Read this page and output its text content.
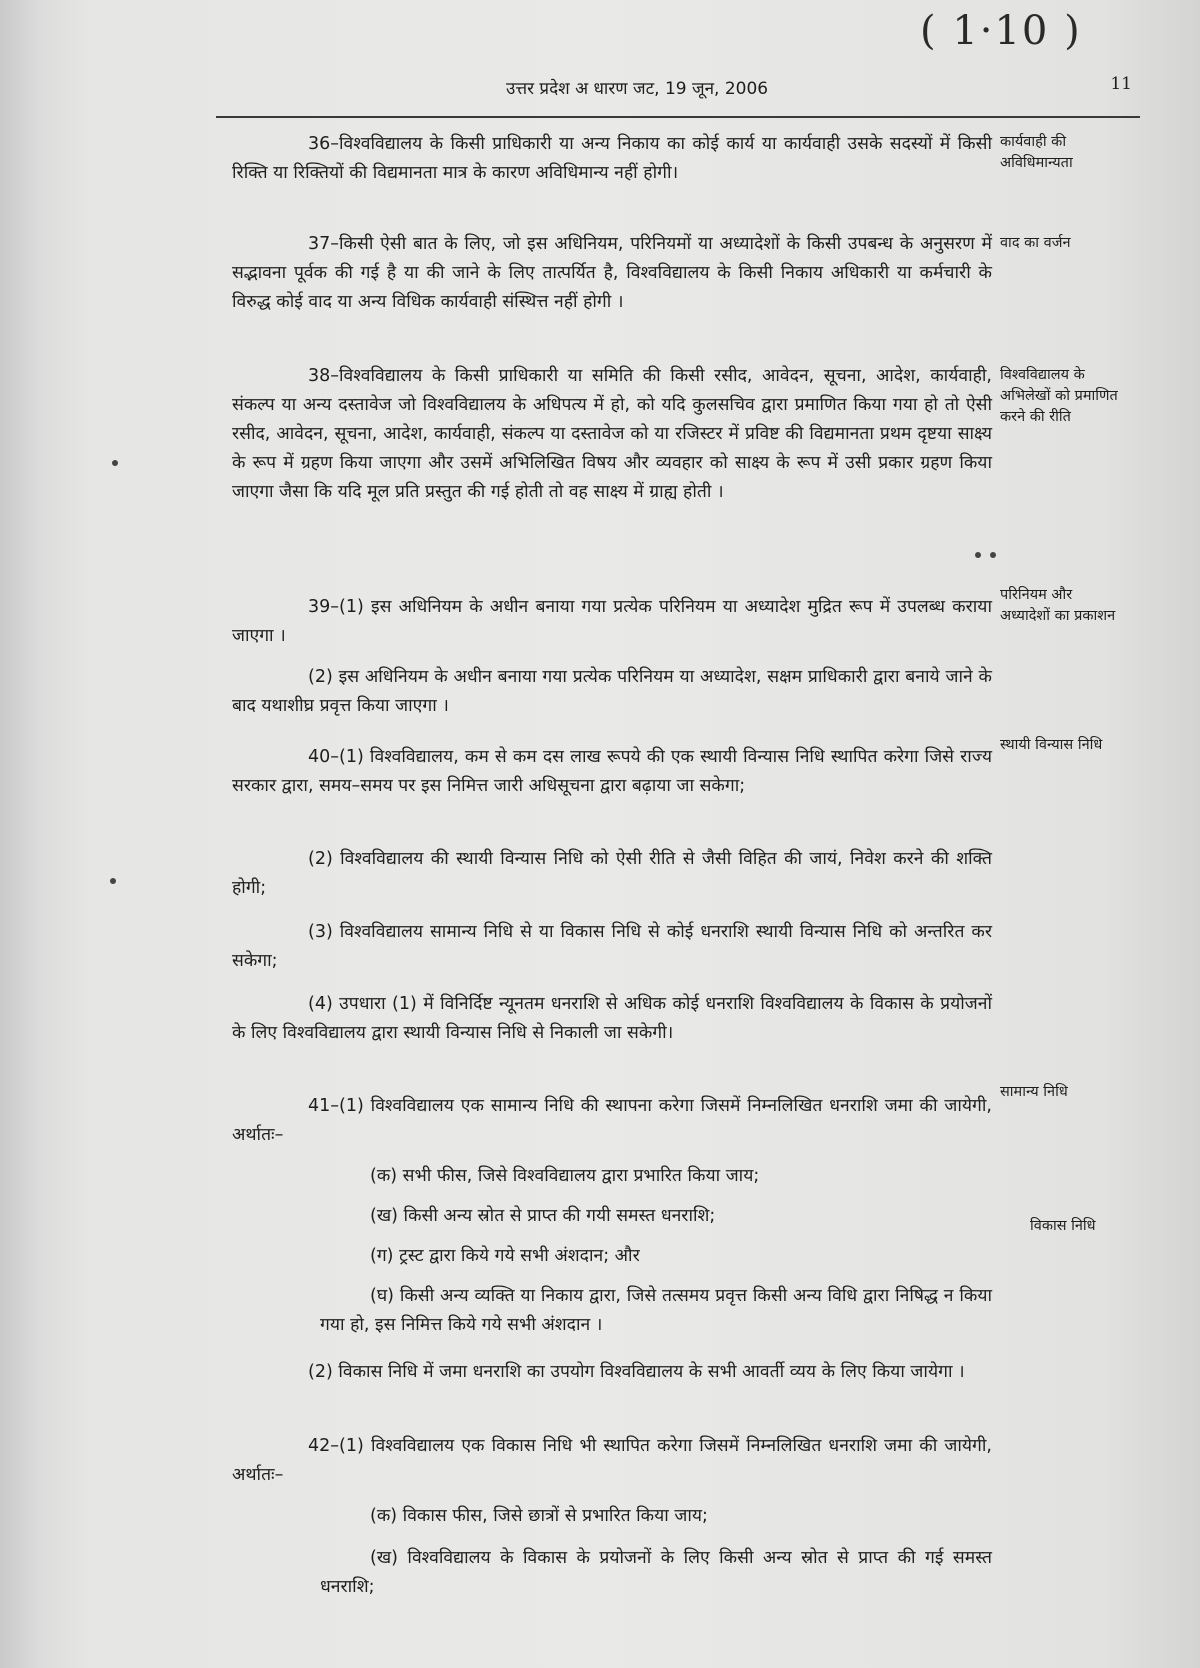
( 1·10 )
उत्तर प्रदेश अ धारण जट, 19 जून, 2006	11

36–विश्वविद्यालय के किसी प्राधिकारी या अन्य निकाय का कोई कार्य या कार्यवाही उसके सदस्यों में किसी रिक्ति या रिक्तियों की विद्यमानता मात्र के कारण अविधिमान्य नहीं होगी।

37–किसी ऐसी बात के लिए, जो इस अधिनियम, परिनियमों या अध्यादेशों के किसी उपबन्ध के अनुसरण में सद्भावना पूर्वक की गई है या की जाने के लिए तात्पर्यित है, विश्वविद्यालय के किसी निकाय अधिकारी या कर्मचारी के विरुद्ध कोई वाद या अन्य विधिक कार्यवाही संस्थित्त नहीं होगी ।

38–विश्वविद्यालय के किसी प्राधिकारी या समिति की किसी रसीद, आवेदन, सूचना, आदेश, कार्यवाही, संकल्प या अन्य दस्तावेज जो विश्वविद्यालय के अधिपत्य में हो, को यदि कुलसचिव द्वारा प्रमाणित किया गया हो तो ऐसी रसीद, आवेदन, सूचना, आदेश, कार्यवाही, संकल्प या दस्तावेज को या रजिस्टर में प्रविष्ट की विद्यमानता प्रथम दृष्टया साक्ष्य के रूप में ग्रहण किया जाएगा और उसमें अभिलिखित विषय और व्यवहार को साक्ष्य के रूप में उसी प्रकार ग्रहण किया जाएगा जैसा कि यदि मूल प्रति प्रस्तुत की गई होती तो वह साक्ष्य में ग्राह्य होती ।

39–(1) इस अधिनियम के अधीन बनाया गया प्रत्येक परिनियम या अध्यादेश मुद्रित रूप में उपलब्ध कराया जाएगा ।

(2) इस अधिनियम के अधीन बनाया गया प्रत्येक परिनियम या अध्यादेश, सक्षम प्राधिकारी द्वारा बनाये जाने के बाद यथाशीघ्र प्रवृत्त किया जाएगा ।

40–(1) विश्वविद्यालय, कम से कम दस लाख रूपये की एक स्थायी विन्यास निधि स्थापित करेगा जिसे राज्य सरकार द्वारा, समय–समय पर इस निमित्त जारी अधिसूचना द्वारा बढ़ाया जा सकेगा;

(2) विश्वविद्यालय की स्थायी विन्यास निधि को ऐसी रीति से जैसी विहित की जायं, निवेश करने की शक्ति होगी;

(3) विश्वविद्यालय सामान्य निधि से या विकास निधि से कोई धनराशि स्थायी विन्यास निधि को अन्तरित कर सकेगा;

(4) उपधारा (1) में विनिर्दिष्ट न्यूनतम धनराशि से अधिक कोई धनराशि विश्वविद्यालय के विकास के प्रयोजनों के लिए विश्वविद्यालय द्वारा स्थायी विन्यास निधि से निकाली जा सकेगी।

41–(1) विश्वविद्यालय एक सामान्य निधि की स्थापना करेगा जिसमें निम्नलिखित धनराशि जमा की जायेगी, अर्थातः–

(क) सभी फीस, जिसे विश्वविद्यालय द्वारा प्रभारित किया जाय;

(ख) किसी अन्य स्रोत से प्राप्त की गयी समस्त धनराशि;

(ग) ट्रस्ट द्वारा किये गये सभी अंशदान; और

(घ) किसी अन्य व्यक्ति या निकाय द्वारा, जिसे तत्समय प्रवृत्त किसी अन्य विधि द्वारा निषिद्ध न किया गया हो, इस निमित्त किये गये सभी अंशदान ।

(2) विकास निधि में जमा धनराशि का उपयोग विश्वविद्यालय के सभी आवर्ती व्यय के लिए किया जायेगा ।

42–(1) विश्वविद्यालय एक विकास निधि भी स्थापित करेगा जिसमें निम्नलिखित धनराशि जमा की जायेगी, अर्थातः–

(क) विकास फीस, जिसे छात्रों से प्रभारित किया जाय;

(ख) विश्वविद्यालय के विकास के प्रयोजनों के लिए किसी अन्य स्रोत से प्राप्त की गई समस्त धनराशि;

कार्यवाही की अविधिमान्यता
वाद का वर्जन
विश्वविद्यालय के अभिलेखों को प्रमाणित करने की रीति
परिनियम और अध्यादेशों का प्रकाशन
स्थायी विन्यास निधि
सामान्य निधि
विकास निधि
